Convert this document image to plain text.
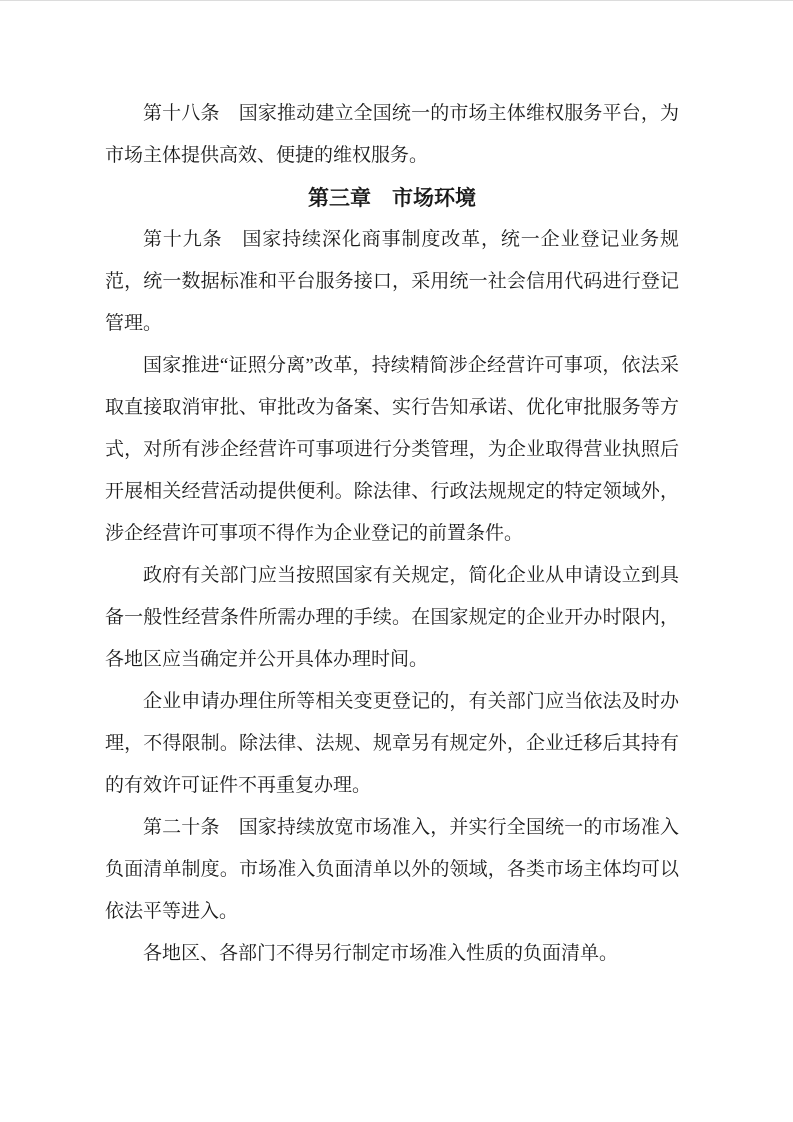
第十八条　国家推动建立全国统一的市场主体维权服务平台，为市场主体提供高效、便捷的维权服务。

第三章　市场环境

第十九条　国家持续深化商事制度改革，统一企业登记业务规范，统一数据标准和平台服务接口，采用统一社会信用代码进行登记管理。

国家推进“证照分离”改革，持续精简涉企经营许可事项，依法采取直接取消审批、审批改为备案、实行告知承诺、优化审批服务等方式，对所有涉企经营许可事项进行分类管理，为企业取得营业执照后开展相关经营活动提供便利。除法律、行政法规规定的特定领域外，涉企经营许可事项不得作为企业登记的前置条件。

政府有关部门应当按照国家有关规定，简化企业从申请设立到具备一般性经营条件所需办理的手续。在国家规定的企业开办时限内，各地区应当确定并公开具体办理时间。

企业申请办理住所等相关变更登记的，有关部门应当依法及时办理，不得限制。除法律、法规、规章另有规定外，企业迁移后其持有的有效许可证件不再重复办理。

第二十条　国家持续放宽市场准入，并实行全国统一的市场准入负面清单制度。市场准入负面清单以外的领域，各类市场主体均可以依法平等进入。

各地区、各部门不得另行制定市场准入性质的负面清单。
